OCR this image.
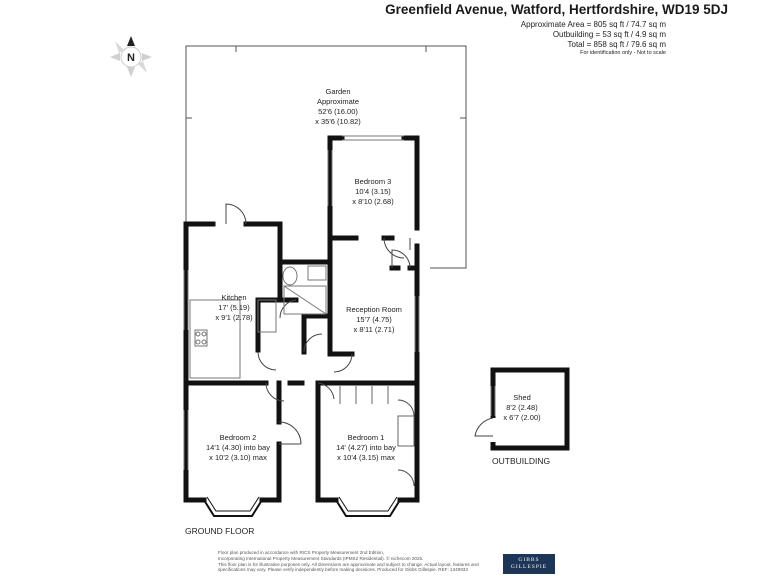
Greenfield Avenue, Watford, Hertfordshire, WD19 5DJ
Approximate Area = 805 sq ft / 74.7 sq m
Outbuilding = 53 sq ft / 4.9 sq m
Total = 858 sq ft / 79.6 sq m
For identification only - Not to scale
N
Garden
Approximate
52'6 (16.00)
x 35'6 (10.82)
Bedroom 3
10'4 (3.15)
x 8'10 (2.68)
Kitchen
17' (5.19)
x 9'1 (2.78)
Reception Room
15'7 (4.75)
x 8'11 (2.71)
Bedroom 2
14'1 (4.30) into bay
x 10'2 (3.10) max
Bedroom 1
14' (4.27) into bay
x 10'4 (3.15) max
Shed
8'2 (2.48)
x 6'7 (2.00)
GROUND FLOOR
OUTBUILDING
Floor plan produced in accordance with RICS Property Measurement 2nd Edition,
Incorporating International Property Measurement Standards (IPMS2 Residential). © nichecom 2025.
This floor plan is for illustrative purposes only. All dimensions are approximate and subject to change. Actual layout, features and
specifications may vary. Please verify independently before making decisions. Produced for Gibbs Gillespie. REF: 1349933
GIBBS
GILLESPIE
